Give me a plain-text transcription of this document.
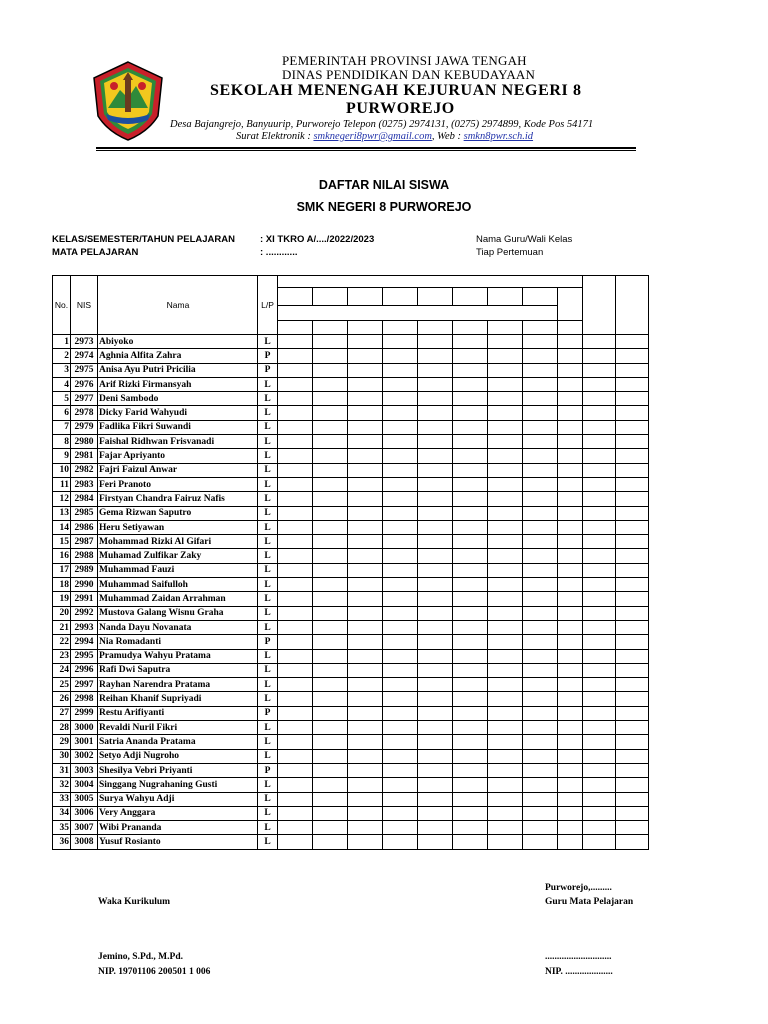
PEMERINTAH PROVINSI JAWA TENGAH
DINAS PENDIDIKAN DAN KEBUDAYAAN
SEKOLAH MENENGAH KEJURUAN NEGERI 8
PURWOREJO
Desa Bajangrejo, Banyuurip, Purworejo Telepon (0275) 2974131, (0275) 2974899, Kode Pos 54171
Surat Elektronik : smknegeri8pwr@gmail.com, Web : smkn8pwr.sch.id
DAFTAR NILAI SISWA
SMK NEGERI 8 PURWOREJO
KELAS/SEMESTER/TAHUN PELAJARAN	: XI TKRO A/..../2022/2023	Nama Guru/Wali Kelas
MATA PELAJARAN	: ............	Tiap Pertemuan
No.	NIS	Nama	L/P											

1	2973	Abiyoko	L											
2	2974	Aghnia Alfita Zahra	P											
3	2975	Anisa Ayu Putri Pricilia	P											
4	2976	Arif Rizki Firmansyah	L											
5	2977	Deni Sambodo	L											
6	2978	Dicky Farid Wahyudi	L											
7	2979	Fadlika Fikri Suwandi	L											
8	2980	Faishal Ridhwan Frisvanadi	L											
9	2981	Fajar Apriyanto	L											
10	2982	Fajri Faizul Anwar	L											
11	2983	Feri Pranoto	L											
12	2984	Firstyan Chandra Fairuz Nafis	L											
13	2985	Gema Rizwan Saputro	L											
14	2986	Heru Setiyawan	L											
15	2987	Mohammad Rizki Al Gifari	L											
16	2988	Muhamad Zulfikar Zaky	L											
17	2989	Muhammad Fauzi	L											
18	2990	Muhammad Saifulloh	L											
19	2991	Muhammad Zaidan Arrahman	L											
20	2992	Mustova Galang Wisnu Graha	L											
21	2993	Nanda Dayu Novanata	L											
22	2994	Nia Romadanti	P											
23	2995	Pramudya Wahyu Pratama	L											
24	2996	Rafi Dwi Saputra	L											
25	2997	Rayhan Narendra Pratama	L											
26	2998	Reihan Khanif Supriyadi	L											
27	2999	Restu Arifiyanti	P											
28	3000	Revaldi Nuril Fikri	L											
29	3001	Satria Ananda Pratama	L											
30	3002	Setyo Adji Nugroho	L											
31	3003	Shesilya Vebri Priyanti	P											
32	3004	Singgang Nugrahaning Gusti	L											
33	3005	Surya Wahyu Adji	L											
34	3006	Very Anggara	L											
35	3007	Wibi Prananda	L											
36	3008	Yusuf Rosianto	L											
Purworejo,.........
Waka Kurikulum	Guru Mata Pelajaran
Jemino, S.Pd., M.Pd.	............................
NIP. 19701106 200501 1 006	NIP. ....................
